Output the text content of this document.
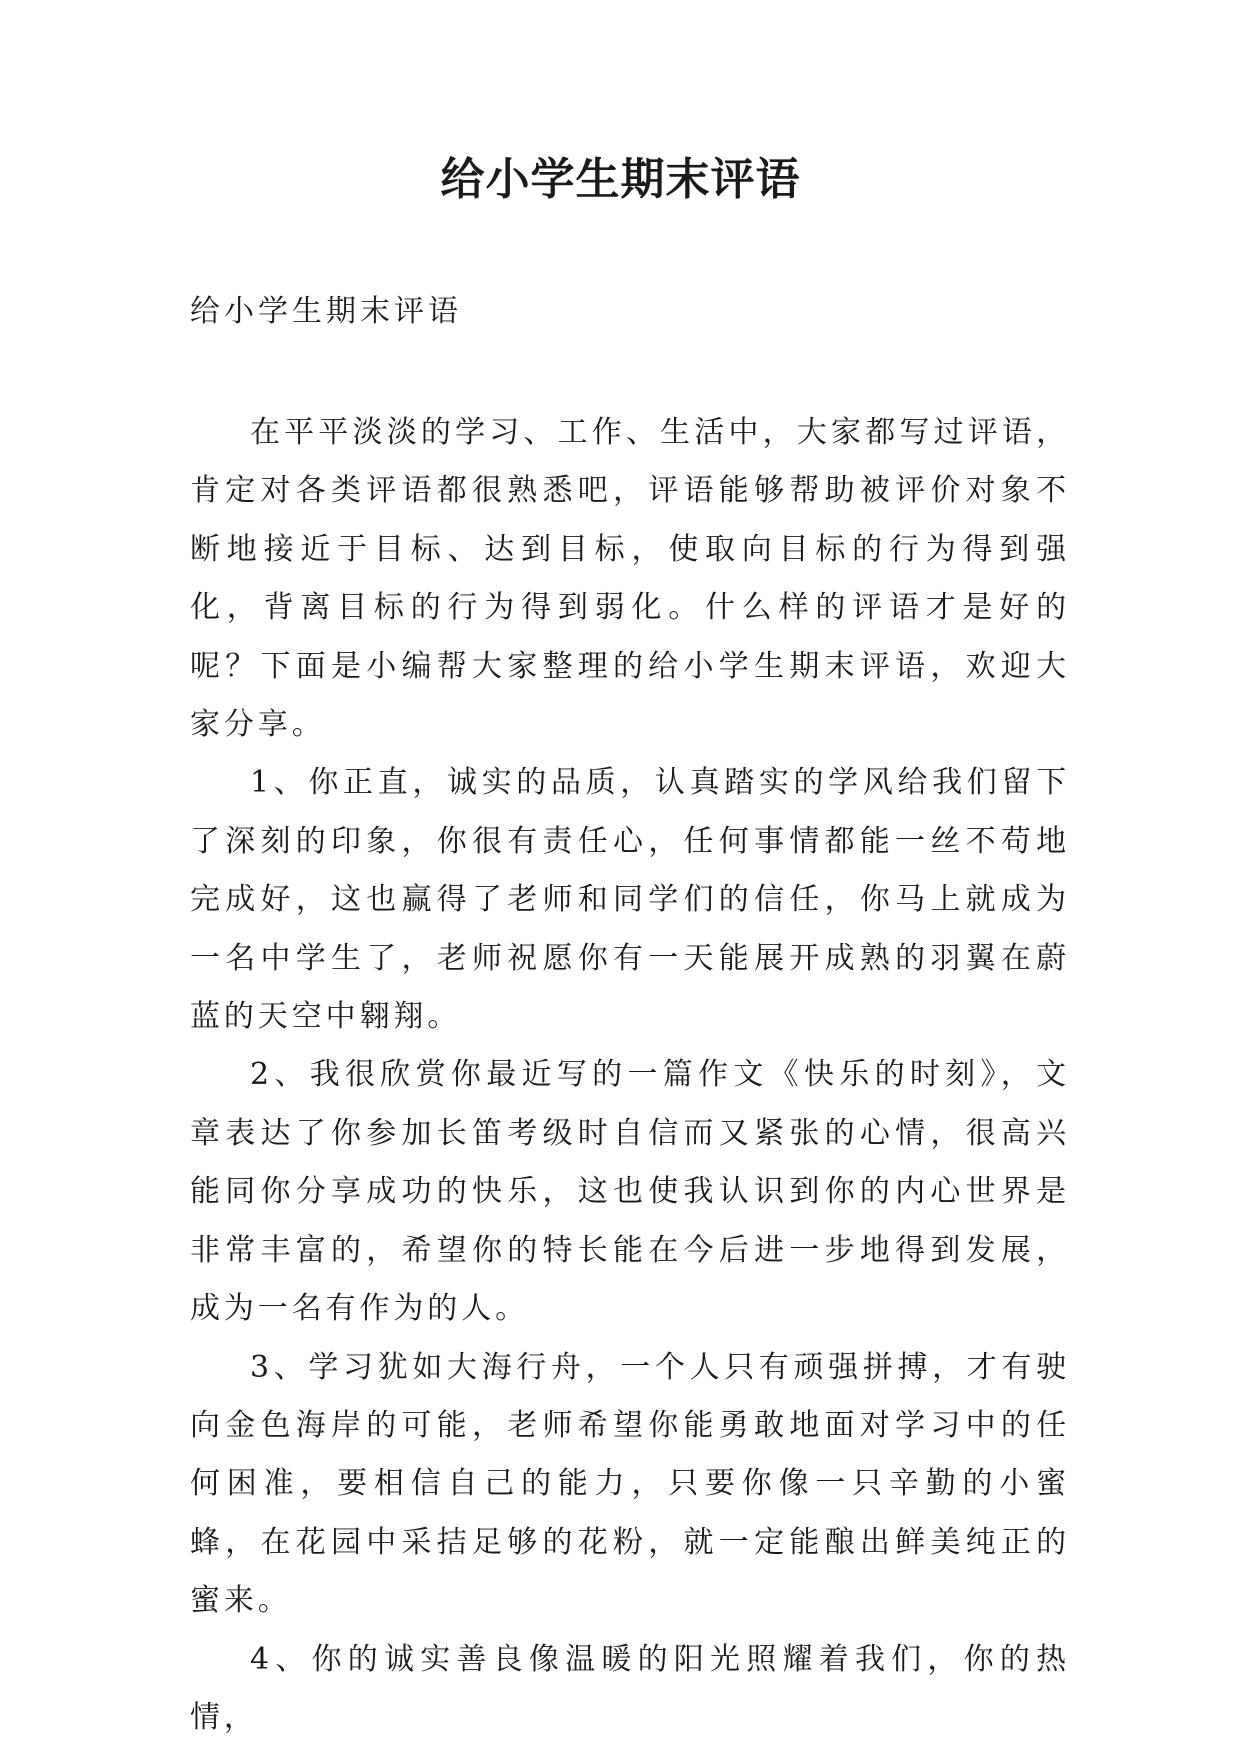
给小学生期末评语
给小学生期末评语

在平平淡淡的学习、工作、生活中，大家都写过评语，肯定对各类评语都很熟悉吧，评语能够帮助被评价对象不断地接近于目标、达到目标，使取向目标的行为得到强化，背离目标的行为得到弱化。什么样的评语才是好的呢？下面是小编帮大家整理的给小学生期末评语，欢迎大家分享。

1、你正直，诚实的品质，认真踏实的学风给我们留下了深刻的印象，你很有责任心，任何事情都能一丝不苟地完成好，这也赢得了老师和同学们的信任，你马上就成为一名中学生了，老师祝愿你有一天能展开成熟的羽翼在蔚蓝的天空中翱翔。

2、我很欣赏你最近写的一篇作文《快乐的时刻》，文章表达了你参加长笛考级时自信而又紧张的心情，很高兴能同你分享成功的快乐，这也使我认识到你的内心世界是非常丰富的，希望你的特长能在今后进一步地得到发展，成为一名有作为的人。

3、学习犹如大海行舟，一个人只有顽强拼搏，才有驶向金色海岸的可能，老师希望你能勇敢地面对学习中的任何困准，要相信自己的能力，只要你像一只辛勤的小蜜蜂，在花园中采拮足够的花粉，就一定能酿出鲜美纯正的蜜来。

4、你的诚实善良像温暖的阳光照耀着我们，你的热情，
